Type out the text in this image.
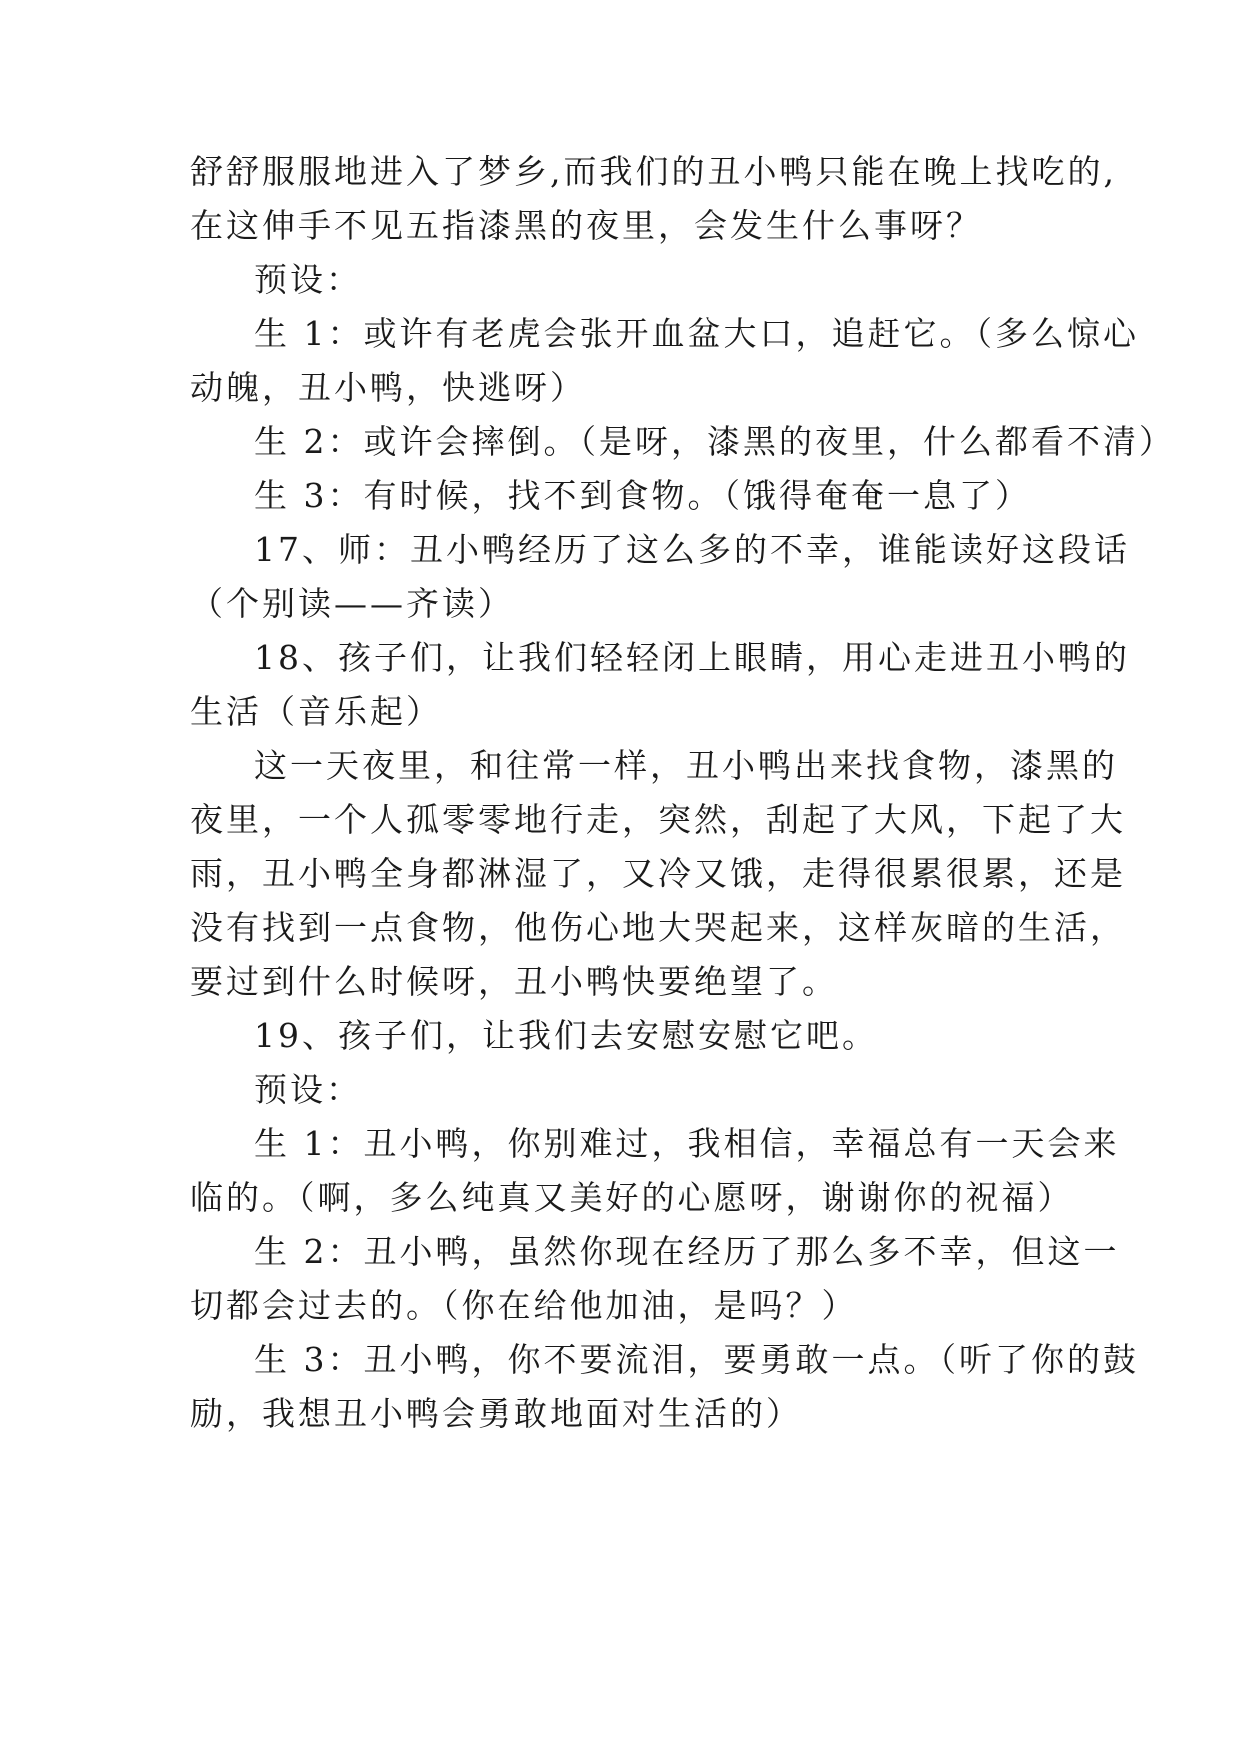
舒舒服服地进入了梦乡,而我们的丑小鸭只能在晚上找吃的,
在这伸手不见五指漆黑的夜里，会发生什么事呀？
预设：
生 1：或许有老虎会张开血盆大口，追赶它。（多么惊心
动魄，丑小鸭，快逃呀）
生 2：或许会摔倒。（是呀，漆黑的夜里，什么都看不清）
生 3：有时候，找不到食物。（饿得奄奄一息了）
17、师：丑小鸭经历了这么多的不幸，谁能读好这段话
（个别读——齐读）
18、孩子们，让我们轻轻闭上眼睛，用心走进丑小鸭的
生活（音乐起）
这一天夜里，和往常一样，丑小鸭出来找食物，漆黑的
夜里，一个人孤零零地行走，突然，刮起了大风，下起了大
雨，丑小鸭全身都淋湿了，又冷又饿，走得很累很累，还是
没有找到一点食物，他伤心地大哭起来，这样灰暗的生活，
要过到什么时候呀，丑小鸭快要绝望了。
19、孩子们，让我们去安慰安慰它吧。
预设：
生 1：丑小鸭，你别难过，我相信，幸福总有一天会来
临的。（啊，多么纯真又美好的心愿呀，谢谢你的祝福）
生 2：丑小鸭，虽然你现在经历了那么多不幸，但这一
切都会过去的。（你在给他加油，是吗？）
生 3：丑小鸭，你不要流泪，要勇敢一点。（听了你的鼓
励，我想丑小鸭会勇敢地面对生活的）
